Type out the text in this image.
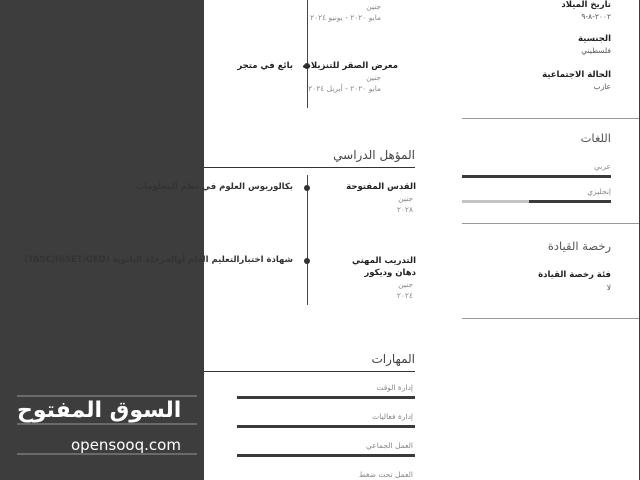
جنين
مايو ٢٠٢٠ - يونيو ٢٠٢٤
معرض الصقر للتنزيلات
جنين
مايو ٢٠٢٠ - أبريل ٢٠٢٤
بائع في متجر
المؤهل الدراسي
القدس المفتوحة
جنين
٢٠٢٨
بكالوريوس العلوم في نظم المعلومات
التدريب المهني دهان وديكور
جنين
٢٠٢٤
شهادة اختبارالتعليم العام أوالمرحلة الثانوية (TASC/HiSET/GED)
المهارات
إدارة الوقت
إدارة فعاليات
العمل الجماعي
العمل تحت ضغط
تاريخ الميلاد
٢٠٠٢-٨-٩
الجنسية
فلسطيني
الحالة الاجتماعية
عازب
اللغات
عربي
إنجليزي
رخصة القيادة
فئة رخصة القيادة
لا
السوق المفتوح
opensooq.com
